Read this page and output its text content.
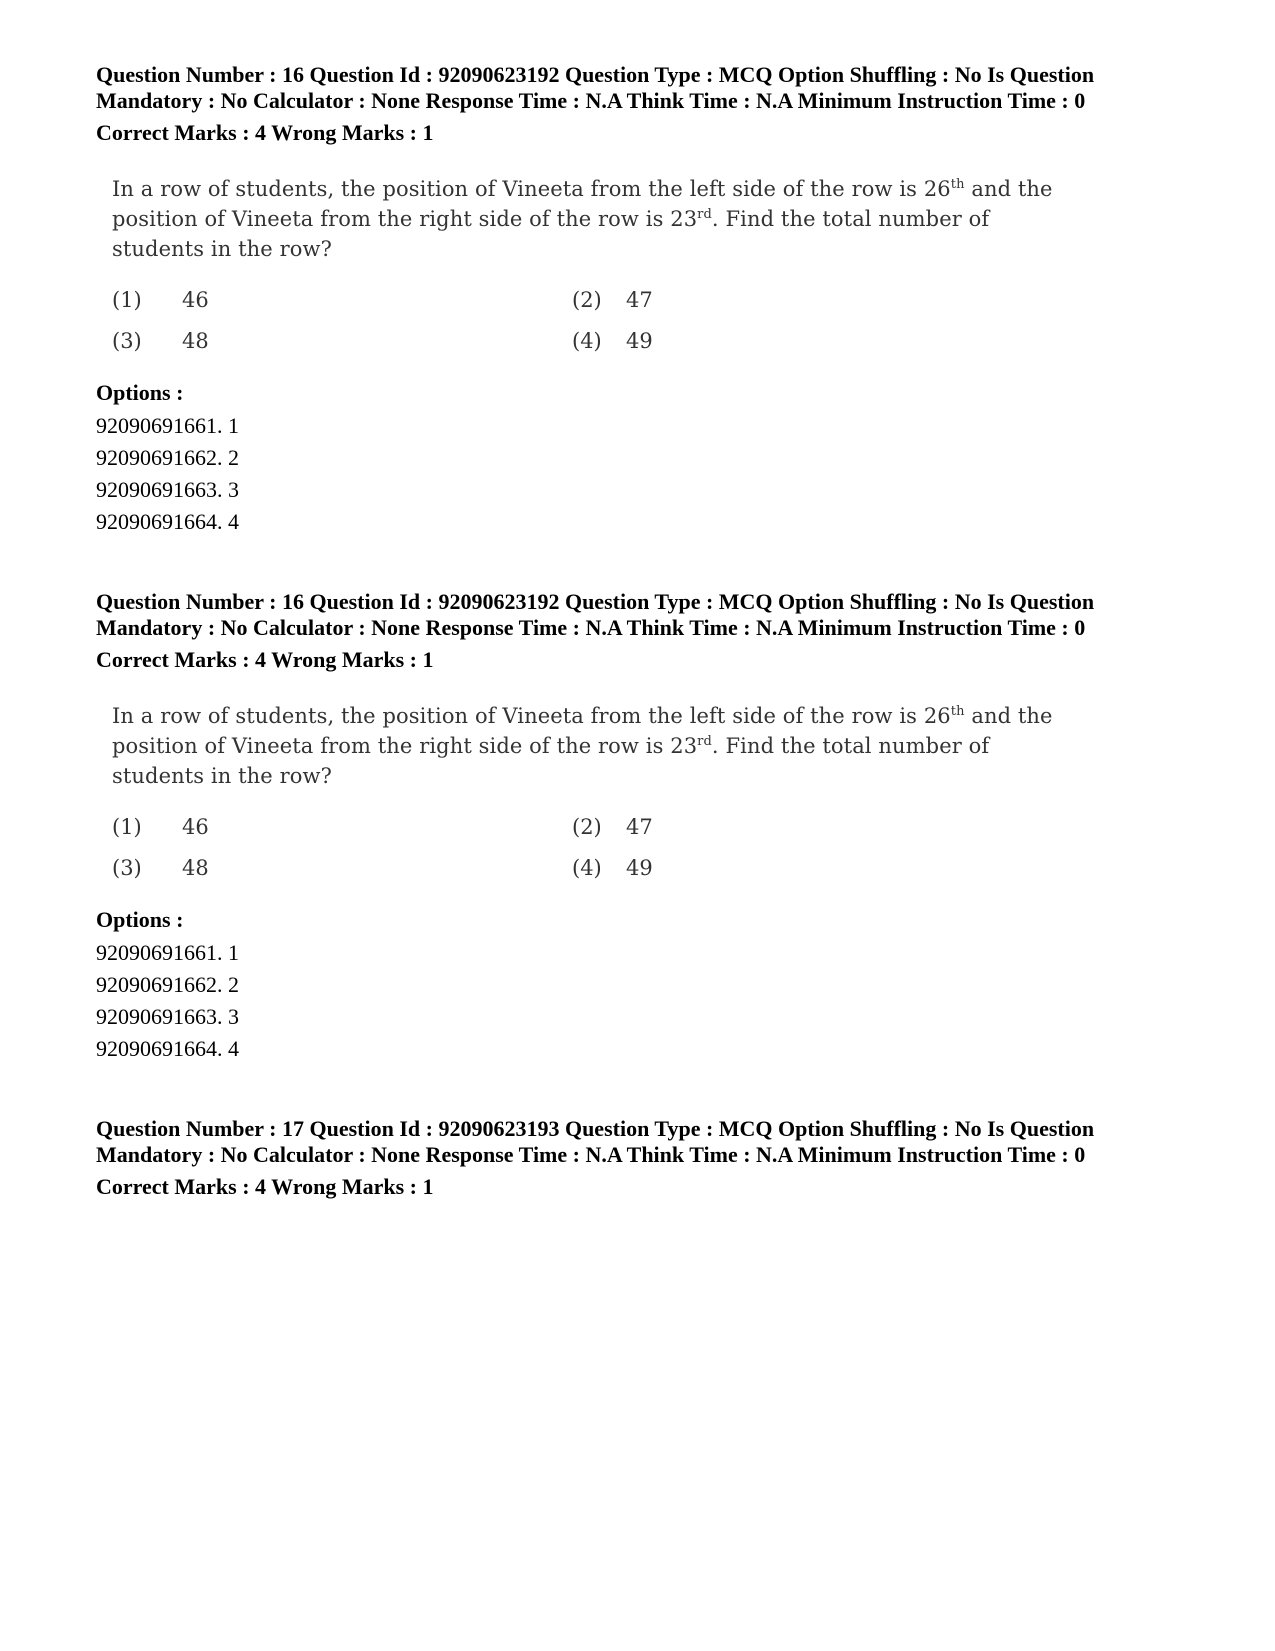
Question Number : 16 Question Id : 92090623192 Question Type : MCQ Option Shuffling : No Is Question
Mandatory : No Calculator : None Response Time : N.A Think Time : N.A Minimum Instruction Time : 0
Correct Marks : 4 Wrong Marks : 1

In a row of students, the position of Vineeta from the left side of the row is 26th and the position of Vineeta from the right side of the row is 23rd. Find the total number of students in the row?

(1)	46	(2)	47
(3)	48	(4)	49
Options :
92090691661. 1
92090691662. 2
92090691663. 3
92090691664. 4
Question Number : 16 Question Id : 92090623192 Question Type : MCQ Option Shuffling : No Is Question
Mandatory : No Calculator : None Response Time : N.A Think Time : N.A Minimum Instruction Time : 0
Correct Marks : 4 Wrong Marks : 1

In a row of students, the position of Vineeta from the left side of the row is 26th and the position of Vineeta from the right side of the row is 23rd. Find the total number of students in the row?

(1)	46	(2)	47
(3)	48	(4)	49
Options :
92090691661. 1
92090691662. 2
92090691663. 3
92090691664. 4
Question Number : 17 Question Id : 92090623193 Question Type : MCQ Option Shuffling : No Is Question
Mandatory : No Calculator : None Response Time : N.A Think Time : N.A Minimum Instruction Time : 0
Correct Marks : 4 Wrong Marks : 1
